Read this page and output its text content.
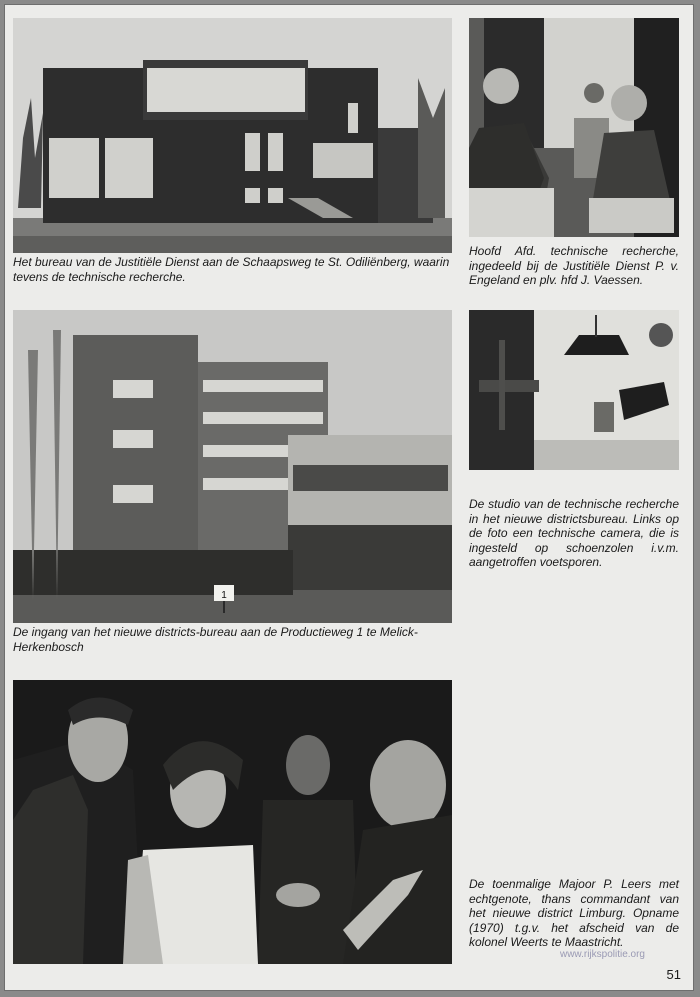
Het bureau van de Justitiële Dienst aan de Schaapsweg te St. Odiliënberg, waarin tevens de technische recherche.

Hoofd Afd. technische recherche, ingedeeld bij de Justitiële Dienst P. v. Engeland en plv. hfd J. Vaessen.

1

De ingang van het nieuwe districts-bureau aan de Productieweg 1 te Melick-Herkenbosch

De studio van de technische recherche in het nieuwe districtsbureau. Links op de foto een technische camera, die is ingesteld op schoenzolen i.v.m. aangetroffen voetsporen.

De toenmalige Majoor P. Leers met echtgenote, thans commandant van het nieuwe district Limburg. Opname (1970) t.g.v. het afscheid van de kolonel Weerts te Maastricht.

www.rijkspolitie.org
51
